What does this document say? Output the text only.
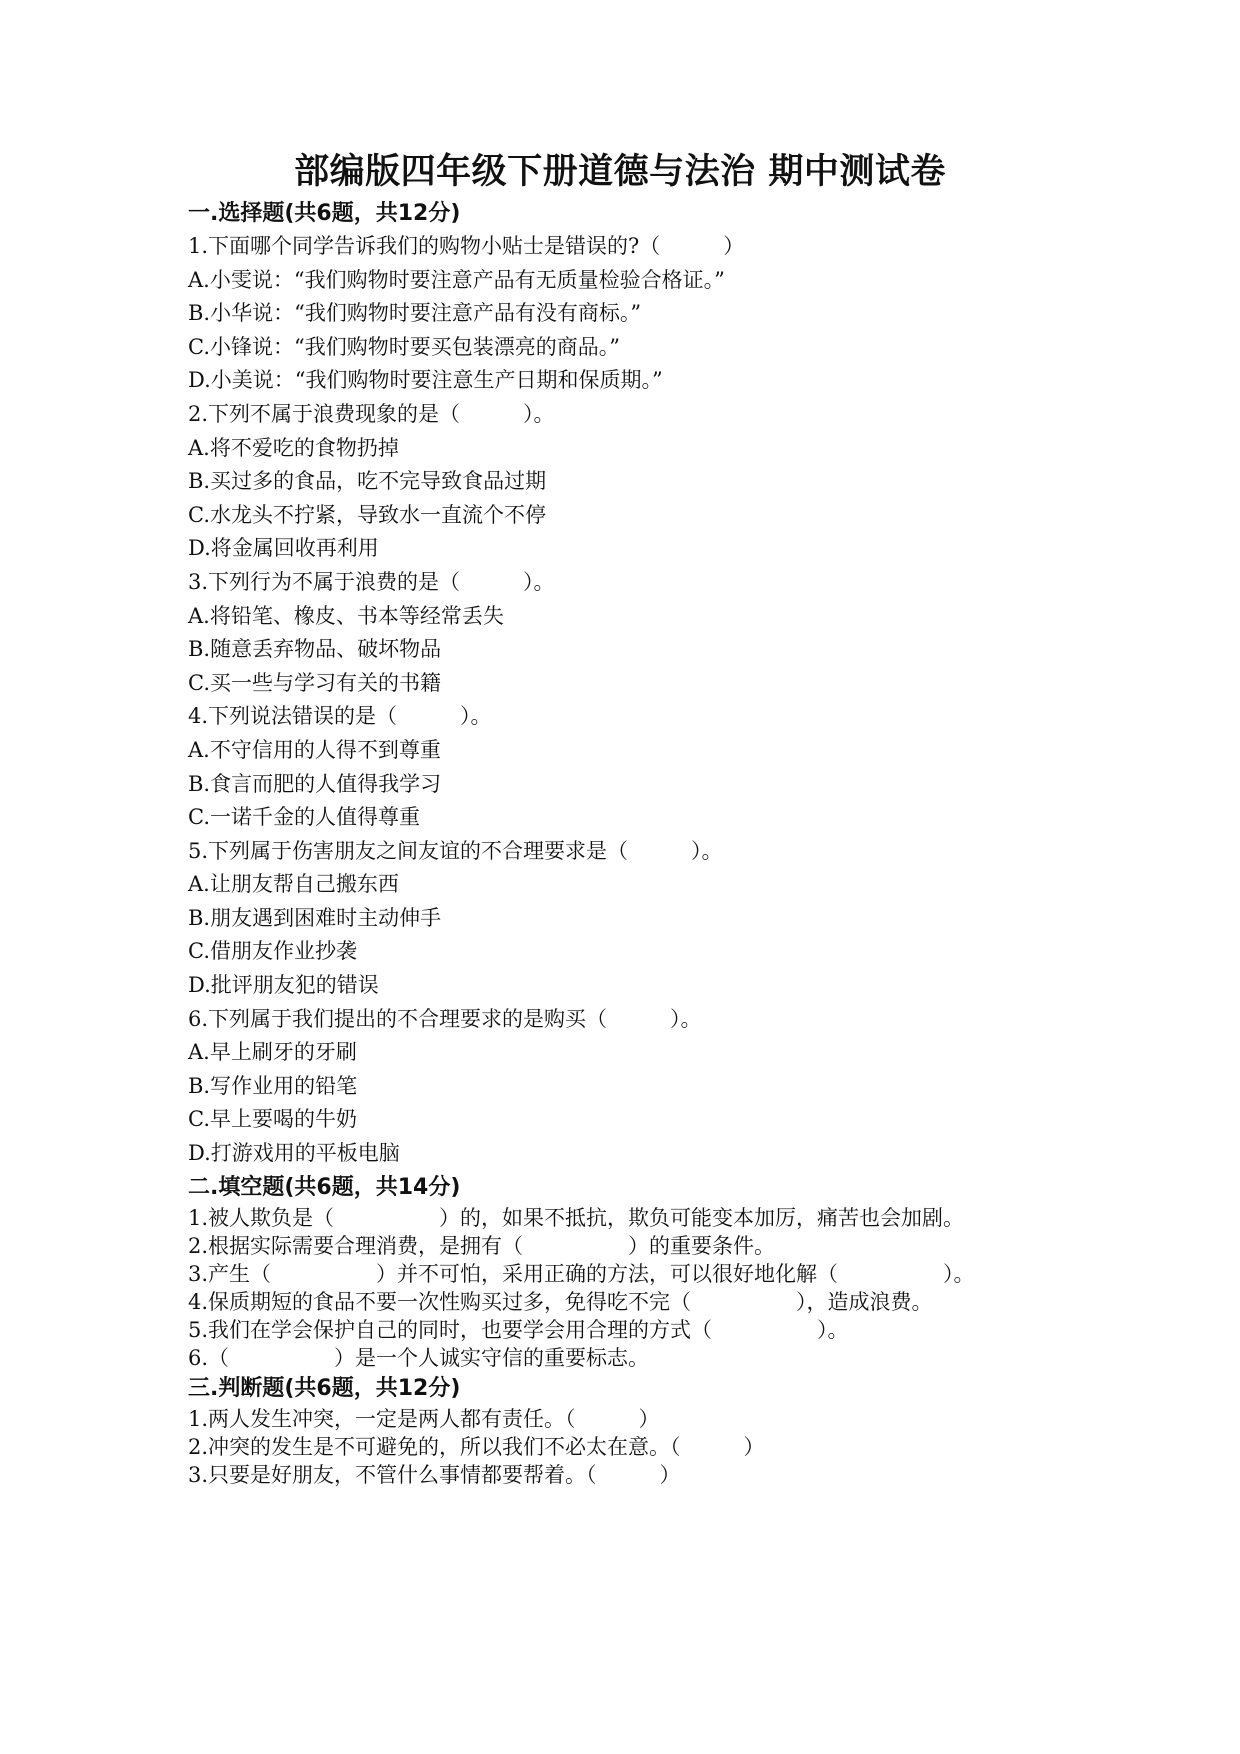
部编版四年级下册道德与法治 期中测试卷
一.选择题(共6题，共12分)
1.下面哪个同学告诉我们的购物小贴士是错误的?（　　　）
A.小雯说：“我们购物时要注意产品有无质量检验合格证。”
B.小华说：“我们购物时要注意产品有没有商标。”
C.小锋说：“我们购物时要买包装漂亮的商品。”
D.小美说：“我们购物时要注意生产日期和保质期。”
2.下列不属于浪费现象的是（　　　）。
A.将不爱吃的食物扔掉
B.买过多的食品，吃不完导致食品过期
C.水龙头不拧紧，导致水一直流个不停
D.将金属回收再利用
3.下列行为不属于浪费的是（　　　）。
A.将铅笔、橡皮、书本等经常丢失
B.随意丢弃物品、破坏物品
C.买一些与学习有关的书籍
4.下列说法错误的是（　　　）。
A.不守信用的人得不到尊重
B.食言而肥的人值得我学习
C.一诺千金的人值得尊重
5.下列属于伤害朋友之间友谊的不合理要求是（　　　）。
A.让朋友帮自己搬东西
B.朋友遇到困难时主动伸手
C.借朋友作业抄袭
D.批评朋友犯的错误
6.下列属于我们提出的不合理要求的是购买（　　　）。
A.早上刷牙的牙刷
B.写作业用的铅笔
C.早上要喝的牛奶
D.打游戏用的平板电脑
二.填空题(共6题，共14分)
1.被人欺负是（　　　　　）的，如果不抵抗，欺负可能变本加厉，痛苦也会加剧。
2.根据实际需要合理消费，是拥有（　　　　　）的重要条件。
3.产生（　　　　　）并不可怕，采用正确的方法，可以很好地化解（　　　　　）。
4.保质期短的食品不要一次性购买过多，免得吃不完（　　　　　），造成浪费。
5.我们在学会保护自己的同时，也要学会用合理的方式（　　　　　）。
6.（　　　　　）是一个人诚实守信的重要标志。
三.判断题(共6题，共12分)
1.两人发生冲突，一定是两人都有责任。（　　　）
2.冲突的发生是不可避免的，所以我们不必太在意。（　　　）
3.只要是好朋友，不管什么事情都要帮着。（　　　）
